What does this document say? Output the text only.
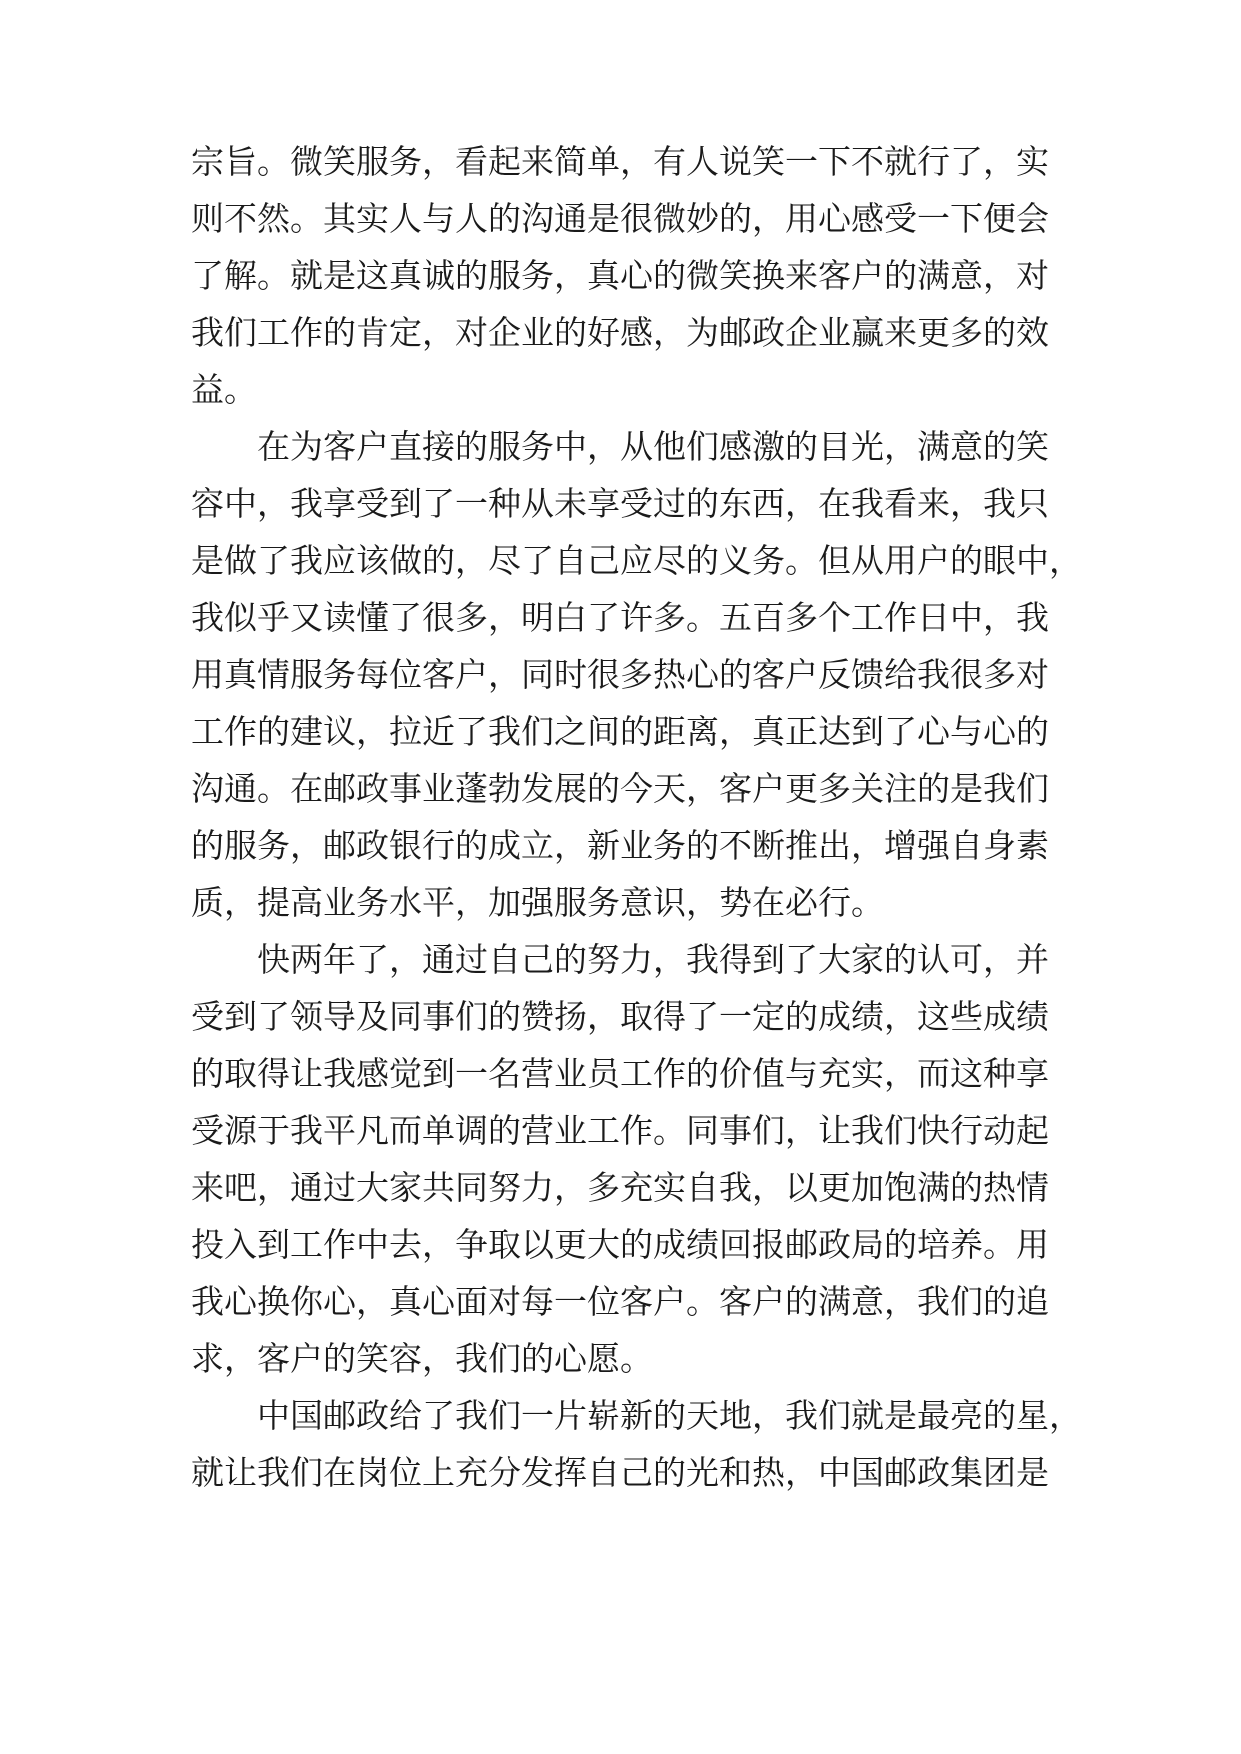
宗旨。微笑服务，看起来简单，有人说笑一下不就行了，实
则不然。其实人与人的沟通是很微妙的，用心感受一下便会
了解。就是这真诚的服务，真心的微笑换来客户的满意，对
我们工作的肯定，对企业的好感，为邮政企业赢来更多的效
益。
在为客户直接的服务中，从他们感激的目光，满意的笑
容中，我享受到了一种从未享受过的东西，在我看来，我只
是做了我应该做的，尽了自己应尽的义务。但从用户的眼中，
我似乎又读懂了很多，明白了许多。五百多个工作日中，我
用真情服务每位客户，同时很多热心的客户反馈给我很多对
工作的建议，拉近了我们之间的距离，真正达到了心与心的
沟通。在邮政事业蓬勃发展的今天，客户更多关注的是我们
的服务，邮政银行的成立，新业务的不断推出，增强自身素
质，提高业务水平，加强服务意识，势在必行。
快两年了，通过自己的努力，我得到了大家的认可，并
受到了领导及同事们的赞扬，取得了一定的成绩，这些成绩
的取得让我感觉到一名营业员工作的价值与充实，而这种享
受源于我平凡而单调的营业工作。同事们，让我们快行动起
来吧，通过大家共同努力，多充实自我，以更加饱满的热情
投入到工作中去，争取以更大的成绩回报邮政局的培养。用
我心换你心，真心面对每一位客户。客户的满意，我们的追
求，客户的笑容，我们的心愿。
中国邮政给了我们一片崭新的天地，我们就是最亮的星，
就让我们在岗位上充分发挥自己的光和热，中国邮政集团是
